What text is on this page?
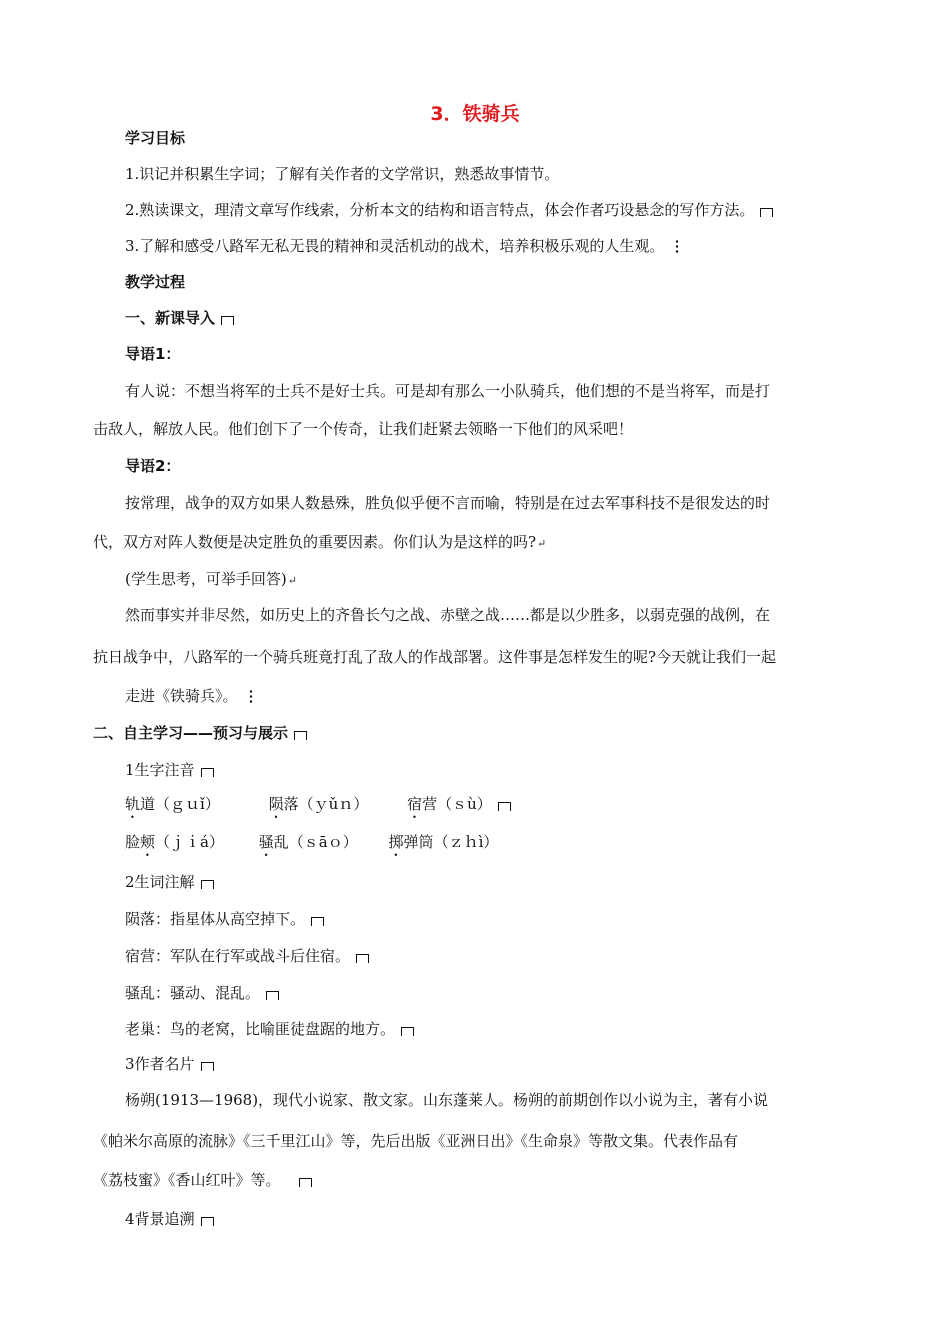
3．铁骑兵
学习目标
1.识记并积累生字词；了解有关作者的文学常识，熟悉故事情节。
2.熟读课文，理清文章写作线索，分析本文的结构和语言特点，体会作者巧设悬念的写作方法。
3.了解和感受八路军无私无畏的精神和灵活机动的战术，培养积极乐观的人生观。
教学过程
一、新课导入
导语1：
有人说：不想当将军的士兵不是好士兵。可是却有那么一小队骑兵，他们想的不是当将军，而是打
击敌人，解放人民。他们创下了一个传奇，让我们赶紧去领略一下他们的风采吧！
导语2：
按常理，战争的双方如果人数悬殊，胜负似乎便不言而喻，特别是在过去军事科技不是很发达的时
代，双方对阵人数便是决定胜负的重要因素。你们认为是这样的吗?↵
(学生思考，可举手回答)↵
然而事实并非尽然，如历史上的齐鲁长勺之战、赤壁之战……都是以少胜多，以弱克强的战例，在
抗日战争中，八路军的一个骑兵班竟打乱了敌人的作战部署。这件事是怎样发生的呢?今天就让我们一起
走进《铁骑兵》。
二、自主学习——预习与展示
1生字注音
轨道（ｇｕǐ）	陨落（ｙǔｎ）	宿营（ｓù）
脸颊（ｊｉá） 骚乱（ｓāｏ） 掷弹筒（ｚｈì）
2生词注解
陨落：指星体从高空掉下。
宿营：军队在行军或战斗后住宿。
骚乱：骚动、混乱。
老巢：鸟的老窝，比喻匪徒盘踞的地方。
3作者名片
杨朔(1913—1968)，现代小说家、散文家。山东蓬莱人。杨朔的前期创作以小说为主，著有小说
《帕米尔高原的流脉》《三千里江山》等，先后出版《亚洲日出》《生命泉》等散文集。代表作品有
《荔枝蜜》《香山红叶》等。
4背景追溯
